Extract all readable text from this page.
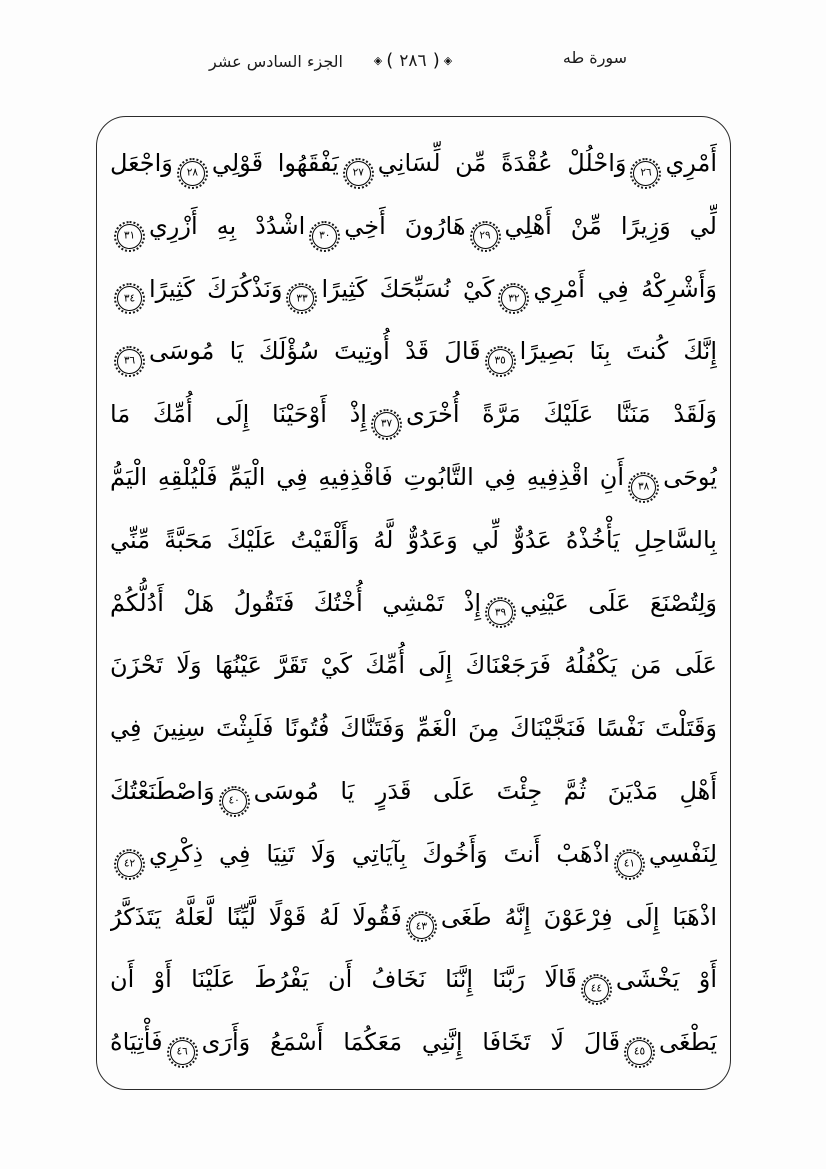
الجزء السادس عشر	◈ ( ٢٨٦ ) ◈	سورة طه
أَمْرِي
٢٦
وَاحْلُلْ عُقْدَةً مِّن لِّسَانِي
٢٧
يَفْقَهُوا قَوْلِي
٢٨
وَاجْعَل
لِّي وَزِيرًا مِّنْ أَهْلِي
٢٩
هَارُونَ أَخِي
٣٠
اشْدُدْ بِهِ أَزْرِي
٣١
وَأَشْرِكْهُ فِي أَمْرِي
٣٢
كَيْ نُسَبِّحَكَ كَثِيرًا
٣٣
وَنَذْكُرَكَ كَثِيرًا
٣٤
إِنَّكَ كُنتَ بِنَا بَصِيرًا
٣٥
قَالَ قَدْ أُوتِيتَ سُؤْلَكَ يَا مُوسَى
٣٦
وَلَقَدْ مَنَنَّا عَلَيْكَ مَرَّةً أُخْرَى
٣٧
إِذْ أَوْحَيْنَا إِلَى أُمِّكَ مَا
يُوحَى
٣٨
أَنِ اقْذِفِيهِ فِي التَّابُوتِ فَاقْذِفِيهِ فِي الْيَمِّ فَلْيُلْقِهِ الْيَمُّ
بِالسَّاحِلِ يَأْخُذْهُ عَدُوٌّ لِّي وَعَدُوٌّ لَّهُ وَأَلْقَيْتُ عَلَيْكَ مَحَبَّةً مِّنِّي
وَلِتُصْنَعَ عَلَى عَيْنِي
٣٩
إِذْ تَمْشِي أُخْتُكَ فَتَقُولُ هَلْ أَدُلُّكُمْ
عَلَى مَن يَكْفُلُهُ فَرَجَعْنَاكَ إِلَى أُمِّكَ كَيْ تَقَرَّ عَيْنُهَا وَلَا تَحْزَنَ
وَقَتَلْتَ نَفْسًا فَنَجَّيْنَاكَ مِنَ الْغَمِّ وَفَتَنَّاكَ فُتُونًا فَلَبِثْتَ سِنِينَ فِي
أَهْلِ مَدْيَنَ ثُمَّ جِئْتَ عَلَى قَدَرٍ يَا مُوسَى
٤٠
وَاصْطَنَعْتُكَ
لِنَفْسِي
٤١
اذْهَبْ أَنتَ وَأَخُوكَ بِآيَاتِي وَلَا تَنِيَا فِي ذِكْرِي
٤٢
اذْهَبَا إِلَى فِرْعَوْنَ إِنَّهُ طَغَى
٤٣
فَقُولَا لَهُ قَوْلًا لَّيِّنًا لَّعَلَّهُ يَتَذَكَّرُ
أَوْ يَخْشَى
٤٤
قَالَا رَبَّنَا إِنَّنَا نَخَافُ أَن يَفْرُطَ عَلَيْنَا أَوْ أَن
يَطْغَى
٤٥
قَالَ لَا تَخَافَا إِنَّنِي مَعَكُمَا أَسْمَعُ وَأَرَى
٤٦
فَأْتِيَاهُ
